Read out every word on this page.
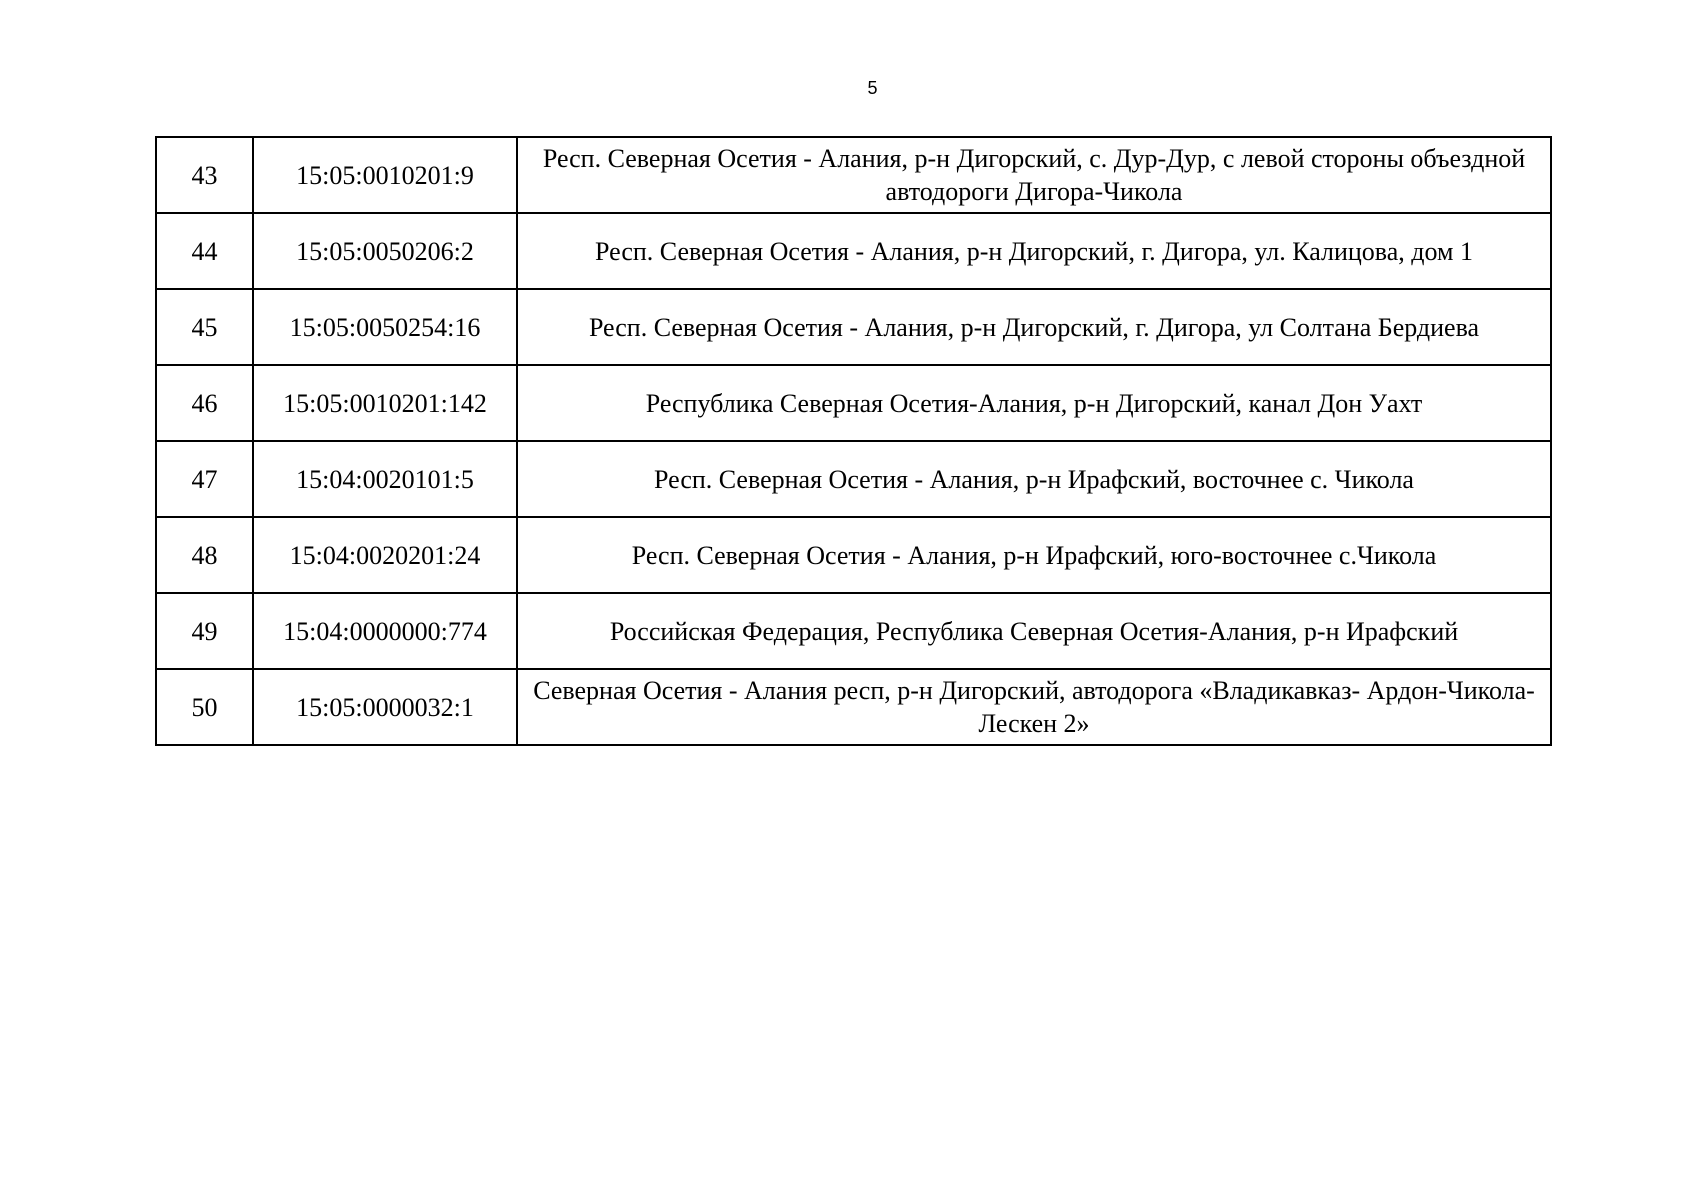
5
43	15:05:0010201:9	Респ. Северная Осетия - Алания, р-н Дигорский, с. Дур-Дур, с левой стороны объездной автодороги Дигора-Чикола
44	15:05:0050206:2	Респ. Северная Осетия - Алания, р-н Дигорский, г. Дигора, ул. Калицова, дом 1
45	15:05:0050254:16	Респ. Северная Осетия - Алания, р-н Дигорский, г. Дигора, ул Солтана Бердиева
46	15:05:0010201:142	Республика Северная Осетия-Алания, р-н Дигорский, канал Дон Уахт
47	15:04:0020101:5	Респ. Северная Осетия - Алания, р-н Ирафский, восточнее с. Чикола
48	15:04:0020201:24	Респ. Северная Осетия - Алания, р-н Ирафский, юго-восточнее с.Чикола
49	15:04:0000000:774	Российская Федерация, Республика Северная Осетия-Алания, р-н Ирафский
50	15:05:0000032:1	Северная Осетия - Алания респ, р-н Дигорский, автодорога «Владикавказ- Ардон-Чикола-Лескен 2»
